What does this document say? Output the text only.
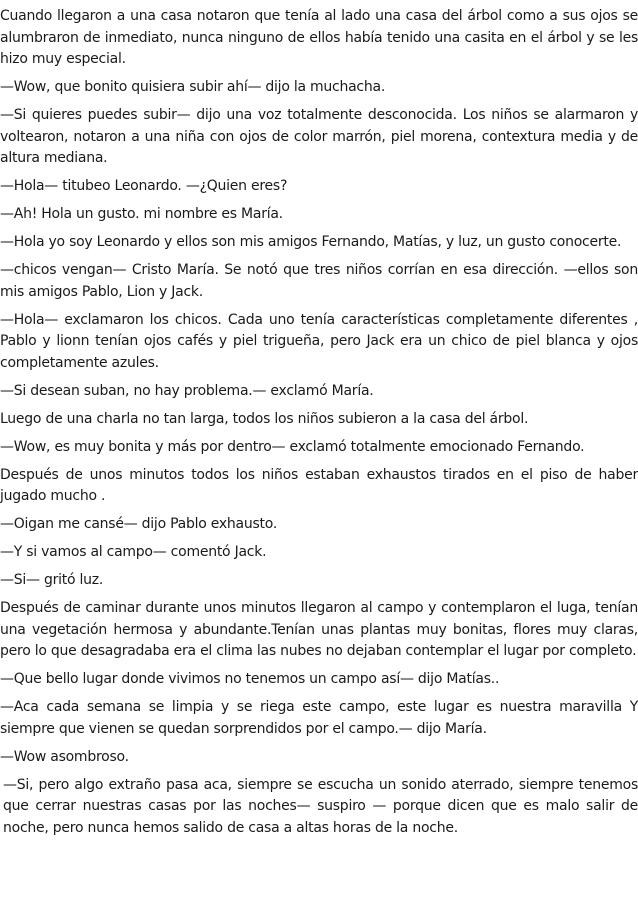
Cuando llegaron a una casa notaron que tenía al lado una casa del árbol como a sus ojos se alumbraron de inmediato, nunca ninguno de ellos había tenido una casita en el árbol y se les hizo muy especial.

—Wow, que bonito quisiera subir ahí— dijo la muchacha.

—Si quieres puedes subir— dijo una voz totalmente desconocida. Los niños se alarmaron y voltearon, notaron a una niña con ojos de color marrón, piel morena, contextura media y de altura mediana.

—Hola— titubeo Leonardo. —¿Quien eres?

—Ah! Hola un gusto. mi nombre es María.

—Hola yo soy Leonardo y ellos son mis amigos Fernando, Matías, y luz, un gusto conocerte.

—chicos vengan— Cristo María. Se notó que tres niños corrían en esa dirección. —ellos son mis amigos Pablo, Lion y Jack.

—Hola— exclamaron los chicos. Cada uno tenía características completamente diferentes , Pablo y lionn tenían ojos cafés y piel trigueña, pero Jack era un chico de piel blanca y ojos completamente azules.

—Si desean suban, no hay problema.— exclamó María.

Luego de una charla no tan larga, todos los niños subieron a la casa del árbol.

—Wow, es muy bonita y más por dentro— exclamó totalmente emocionado Fernando.

Después de unos minutos todos los niños estaban exhaustos tirados en el piso de haber jugado mucho .

—Oigan me cansé— dijo Pablo exhausto.

—Y si vamos al campo— comentó Jack.

—Si— gritó luz.

Después de caminar durante unos minutos llegaron al campo y contemplaron el luga, tenían una vegetación hermosa y abundante.Tenían unas plantas muy bonitas, flores muy claras, pero lo que desagradaba era el clima las nubes no dejaban contemplar el lugar por completo.

—Que bello lugar donde vivimos no tenemos un campo así— dijo Matías..

—Aca cada semana se limpia y se riega este campo, este lugar es nuestra maravilla Y siempre que vienen se quedan sorprendidos por el campo.— dijo María.

—Wow asombroso.

—Si, pero algo extraño pasa aca, siempre se escucha un sonido aterrado, siempre tenemos que cerrar nuestras casas por las noches— suspiro — porque dicen que es malo salir de noche, pero nunca hemos salido de casa a altas horas de la noche.
